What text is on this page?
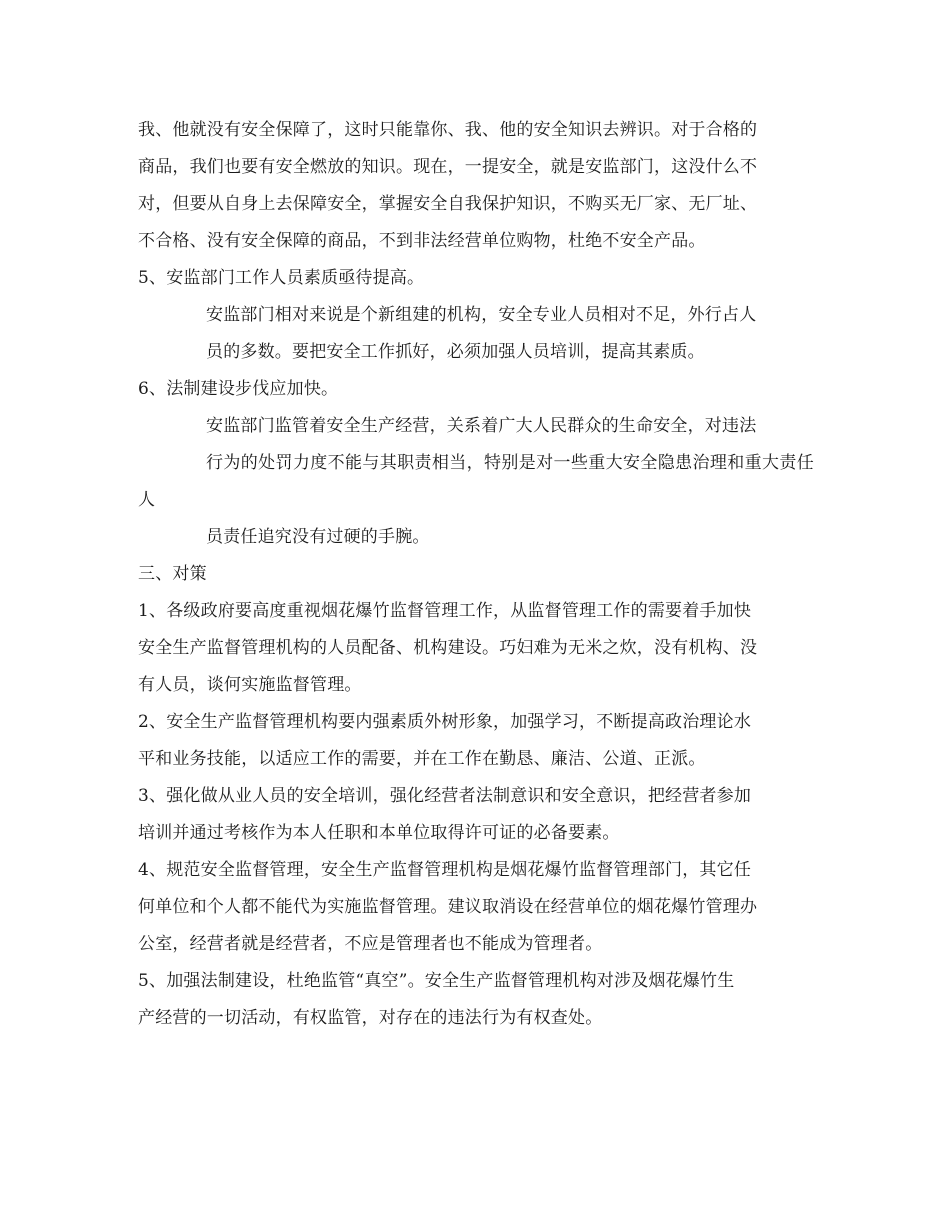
我、他就没有安全保障了，这时只能靠你、我、他的安全知识去辨识。对于合格的
商品，我们也要有安全燃放的知识。现在，一提安全，就是安监部门，这没什么不
对，但要从自身上去保障安全，掌握安全自我保护知识，不购买无厂家、无厂址、
不合格、没有安全保障的商品，不到非法经营单位购物，杜绝不安全产品。

5、安监部门工作人员素质亟待提高。

安监部门相对来说是个新组建的机构，安全专业人员相对不足，外行占人
员的多数。要把安全工作抓好，必须加强人员培训，提高其素质。

6、法制建设步伐应加快。

安监部门监管着安全生产经营，关系着广大人民群众的生命安全，对违法
行为的处罚力度不能与其职责相当，特别是对一些重大安全隐患治理和重大责任人
员责任追究没有过硬的手腕。

三、对策

1、各级政府要高度重视烟花爆竹监督管理工作，从监督管理工作的需要着手加快
安全生产监督管理机构的人员配备、机构建设。巧妇难为无米之炊，没有机构、没
有人员，谈何实施监督管理。

2、安全生产监督管理机构要内强素质外树形象，加强学习，不断提高政治理论水
平和业务技能，以适应工作的需要，并在工作在勤恳、廉洁、公道、正派。

3、强化做从业人员的安全培训，强化经营者法制意识和安全意识，把经营者参加
培训并通过考核作为本人任职和本单位取得许可证的必备要素。

4、规范安全监督管理，安全生产监督管理机构是烟花爆竹监督管理部门，其它任
何单位和个人都不能代为实施监督管理。建议取消设在经营单位的烟花爆竹管理办
公室，经营者就是经营者，不应是管理者也不能成为管理者。

5、加强法制建设，杜绝监管“真空”。安全生产监督管理机构对涉及烟花爆竹生
产经营的一切活动，有权监管，对存在的违法行为有权查处。
